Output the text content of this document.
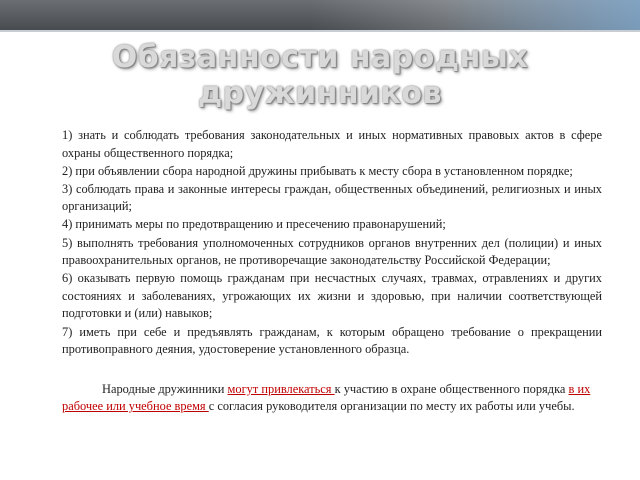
Обязанности народных дружинников
1) знать и соблюдать требования законодательных и иных нормативных правовых актов в сфере охраны общественного порядка;
2) при объявлении сбора народной дружины прибывать к месту сбора в установленном порядке;
3) соблюдать права и законные интересы граждан, общественных объединений, религиозных и иных организаций;
4) принимать меры по предотвращению и пресечению правонарушений;
5) выполнять требования уполномоченных сотрудников органов внутренних дел (полиции) и иных правоохранительных органов, не противоречащие законодательству Российской Федерации;
6) оказывать первую помощь гражданам при несчастных случаях, травмах, отравлениях и других состояниях и заболеваниях, угрожающих их жизни и здоровью, при наличии соответствующей подготовки и (или) навыков;
7) иметь при себе и предъявлять гражданам, к которым обращено требование о прекращении противоправного деяния, удостоверение установленного образца.
Народные дружинники могут привлекаться к участию в охране общественного порядка в их рабочее или учебное время с согласия руководителя организации по месту их работы или учебы.
